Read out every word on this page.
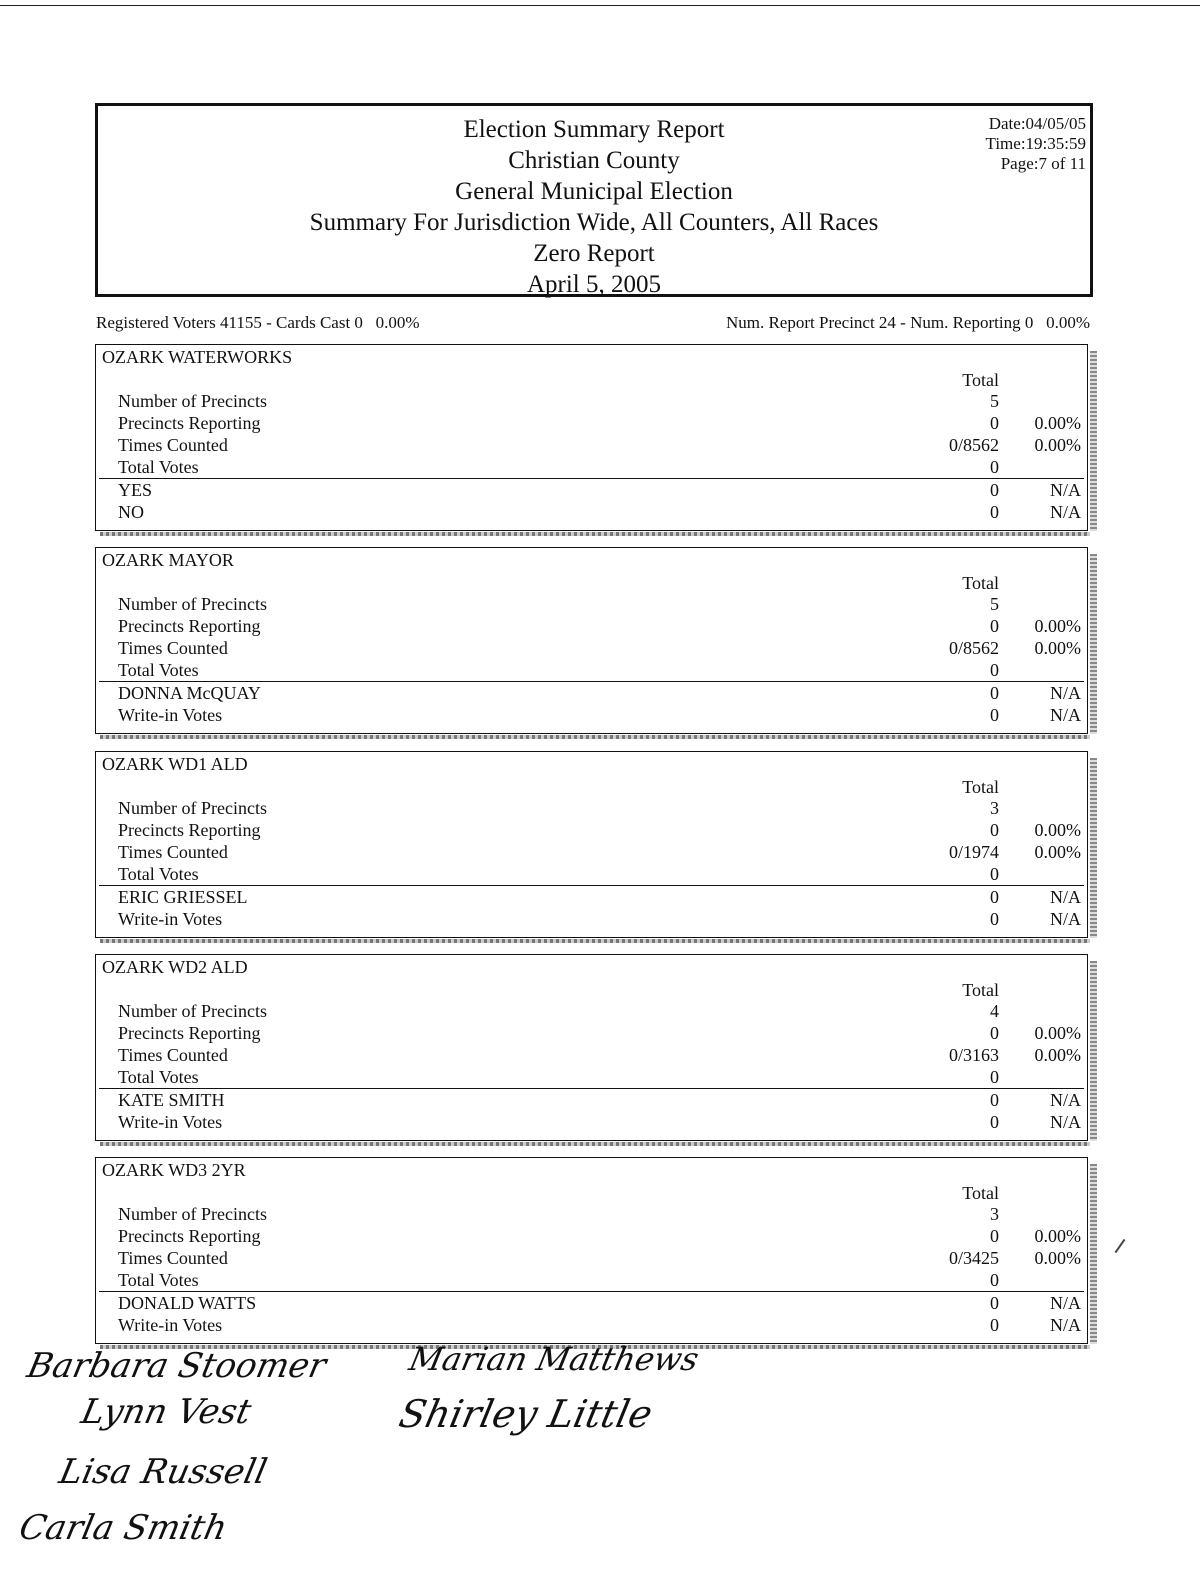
Election Summary Report
Christian County
General Municipal Election
Summary For Jurisdiction Wide, All Counters, All Races
Zero Report
April 5, 2005
Date:04/05/05
Time:19:35:59
Page:7 of 11
Registered Voters 41155 - Cards Cast 0   0.00%	Num. Report Precinct 24 - Num. Reporting 0   0.00%
OZARK WATERWORKS
Total
Number of Precincts	5
Precincts Reporting	0 0.00%
Times Counted	0/8562 0.00%
Total Votes	0
YES	0	N/A
NO	0	N/A
OZARK MAYOR
Total
Number of Precincts	5
Precincts Reporting	0 0.00%
Times Counted	0/8562 0.00%
Total Votes	0
DONNA McQUAY	0	N/A
Write-in Votes	0	N/A
OZARK WD1 ALD
Total
Number of Precincts	3
Precincts Reporting	0 0.00%
Times Counted	0/1974 0.00%
Total Votes	0
ERIC GRIESSEL	0	N/A
Write-in Votes	0	N/A
OZARK WD2 ALD
Total
Number of Precincts	4
Precincts Reporting	0 0.00%
Times Counted	0/3163 0.00%
Total Votes	0
KATE SMITH	0	N/A
Write-in Votes	0	N/A
OZARK WD3 2YR
Total
Number of Precincts	3
Precincts Reporting	0 0.00%
Times Counted	0/3425 0.00%
Total Votes	0
DONALD WATTS	0	N/A
Write-in Votes	0	N/A
Barbara Stoomer Marian Matthews
Lynn Vest	Shirley Little
Lisa Russell
Carla Smith
